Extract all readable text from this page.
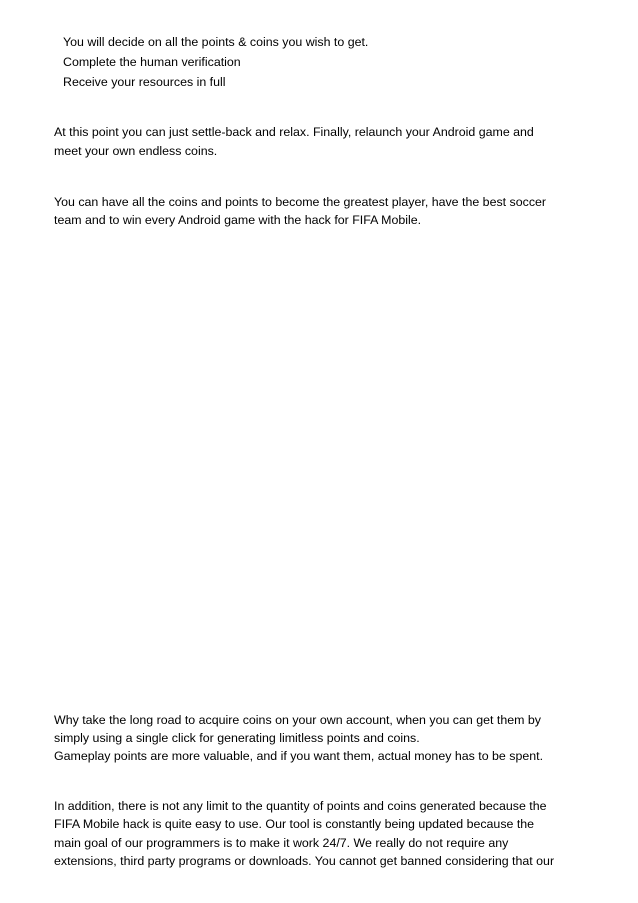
You will decide on all the points & coins you wish to get.
Complete the human verification
Receive your resources in full
At this point you can just settle-back and relax. Finally, relaunch your Android game and
meet your own endless coins.
You can have all the coins and points to become the greatest player, have the best soccer
team and to win every Android game with the hack for FIFA Mobile.
Why take the long road to acquire coins on your own account, when you can get them by
simply using a single click for generating limitless points and coins.
Gameplay points are more valuable, and if you want them, actual money has to be spent.
In addition, there is not any limit to the quantity of points and coins generated because the
FIFA Mobile hack is quite easy to use. Our tool is constantly being updated because the
main goal of our programmers is to make it work 24/7. We really do not require any
extensions, third party programs or downloads. You cannot get banned considering that our
